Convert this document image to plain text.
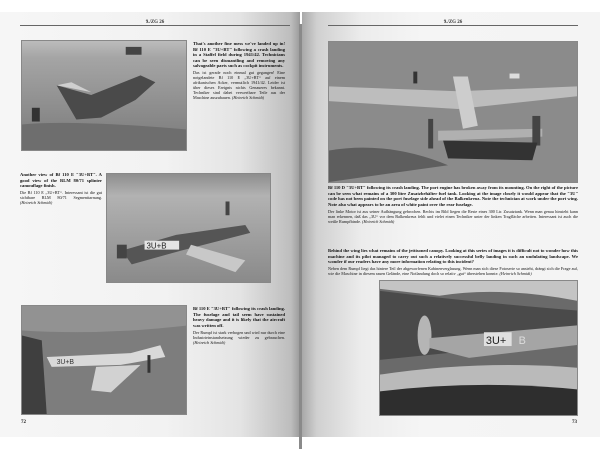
9./ZG 26
That's another fine mess we've landed up in! Bf 110 E "3U+BT" following a crash landing in a Staffel field during 1941/42. Technicians can be seen dismantling and removing any salvageable parts such as cockpit instruments.
Das ist gerade noch einmal gut gegangen! Eine notgelandete Bf 110 E „3U+BT“ auf einem afrikanischen Acker, vermutlich 1941/42. Leider ist über dieses Ereignis nichts Genaueres bekannt. Techniker sind dabei verwertbare Teile aus der Maschine auszubauen. (Heinrich Schmidt)
Another view of Bf 110 E "3U+BT". A good view of the RLM 80/71 splinter camouflage finish.
Die Bf 110 E „3U+BT“. Interessant ist die gut sichtbare RLM 80/71 Segmenttarnung. (Heinrich Schmidt)
3U+B
3U+B
Bf 110 E "3U+BT" following its crash landing. The fuselage and tail seem have sustained heavy damage and it is likely that the aircraft was written off.
Der Rumpf ist stark verbogen und wird nur durch eine Industrieinstandsetzung wieder zu gebrauchen. (Heinrich Schmidt)
72
9./ZG 26
Bf 110 D "3U+BT" following its crash landing. The port engine has broken away from its mounting. On the right of the picture can be seen what remains of a 300 litre Zusatzbehälter fuel tank. Looking at the image closely it would appear that the "3U" code has not been painted on the port fuselage side ahead of the Balkenkreuz. Note the technician at work under the port wing. Note also what appears to be an area of white paint over the rear fuselage.
Der linke Motor ist aus seiner Aufhängung gebrochen. Rechts im Bild liegen die Reste eines 300 Ltr. Zusatztank. Wenn man genau hinsieht kann man erkennen, daß das „3U“ vor dem Balkenkreuz fehlt und vielet einen Techniker unter der linken Tragfläche arbeiten. Interessant ist auch die weiße Rumpfbinde. (Heinrich Schmidt)
Behind the wing lies what remains of the jettisoned canopy. Looking at this series of images it is difficult not to wonder how this machine and its pilot managed to carry out such a relatively successful belly landing in such an undulating landscape. We wonder if our readers have any more information relating to this incident?
Neben dem Rumpf liegt das hintere Teil der abgeworfenen Kabinenverglasung. Wenn man sich diese Fotoserie so ansieht, drängt sich die Frage auf, wie die Maschine in diesem rauen Gelände, eine Notlandung doch so relativ „gut“ überstehen konnte. (Heinrich Schmidt)
3U+ B
73
